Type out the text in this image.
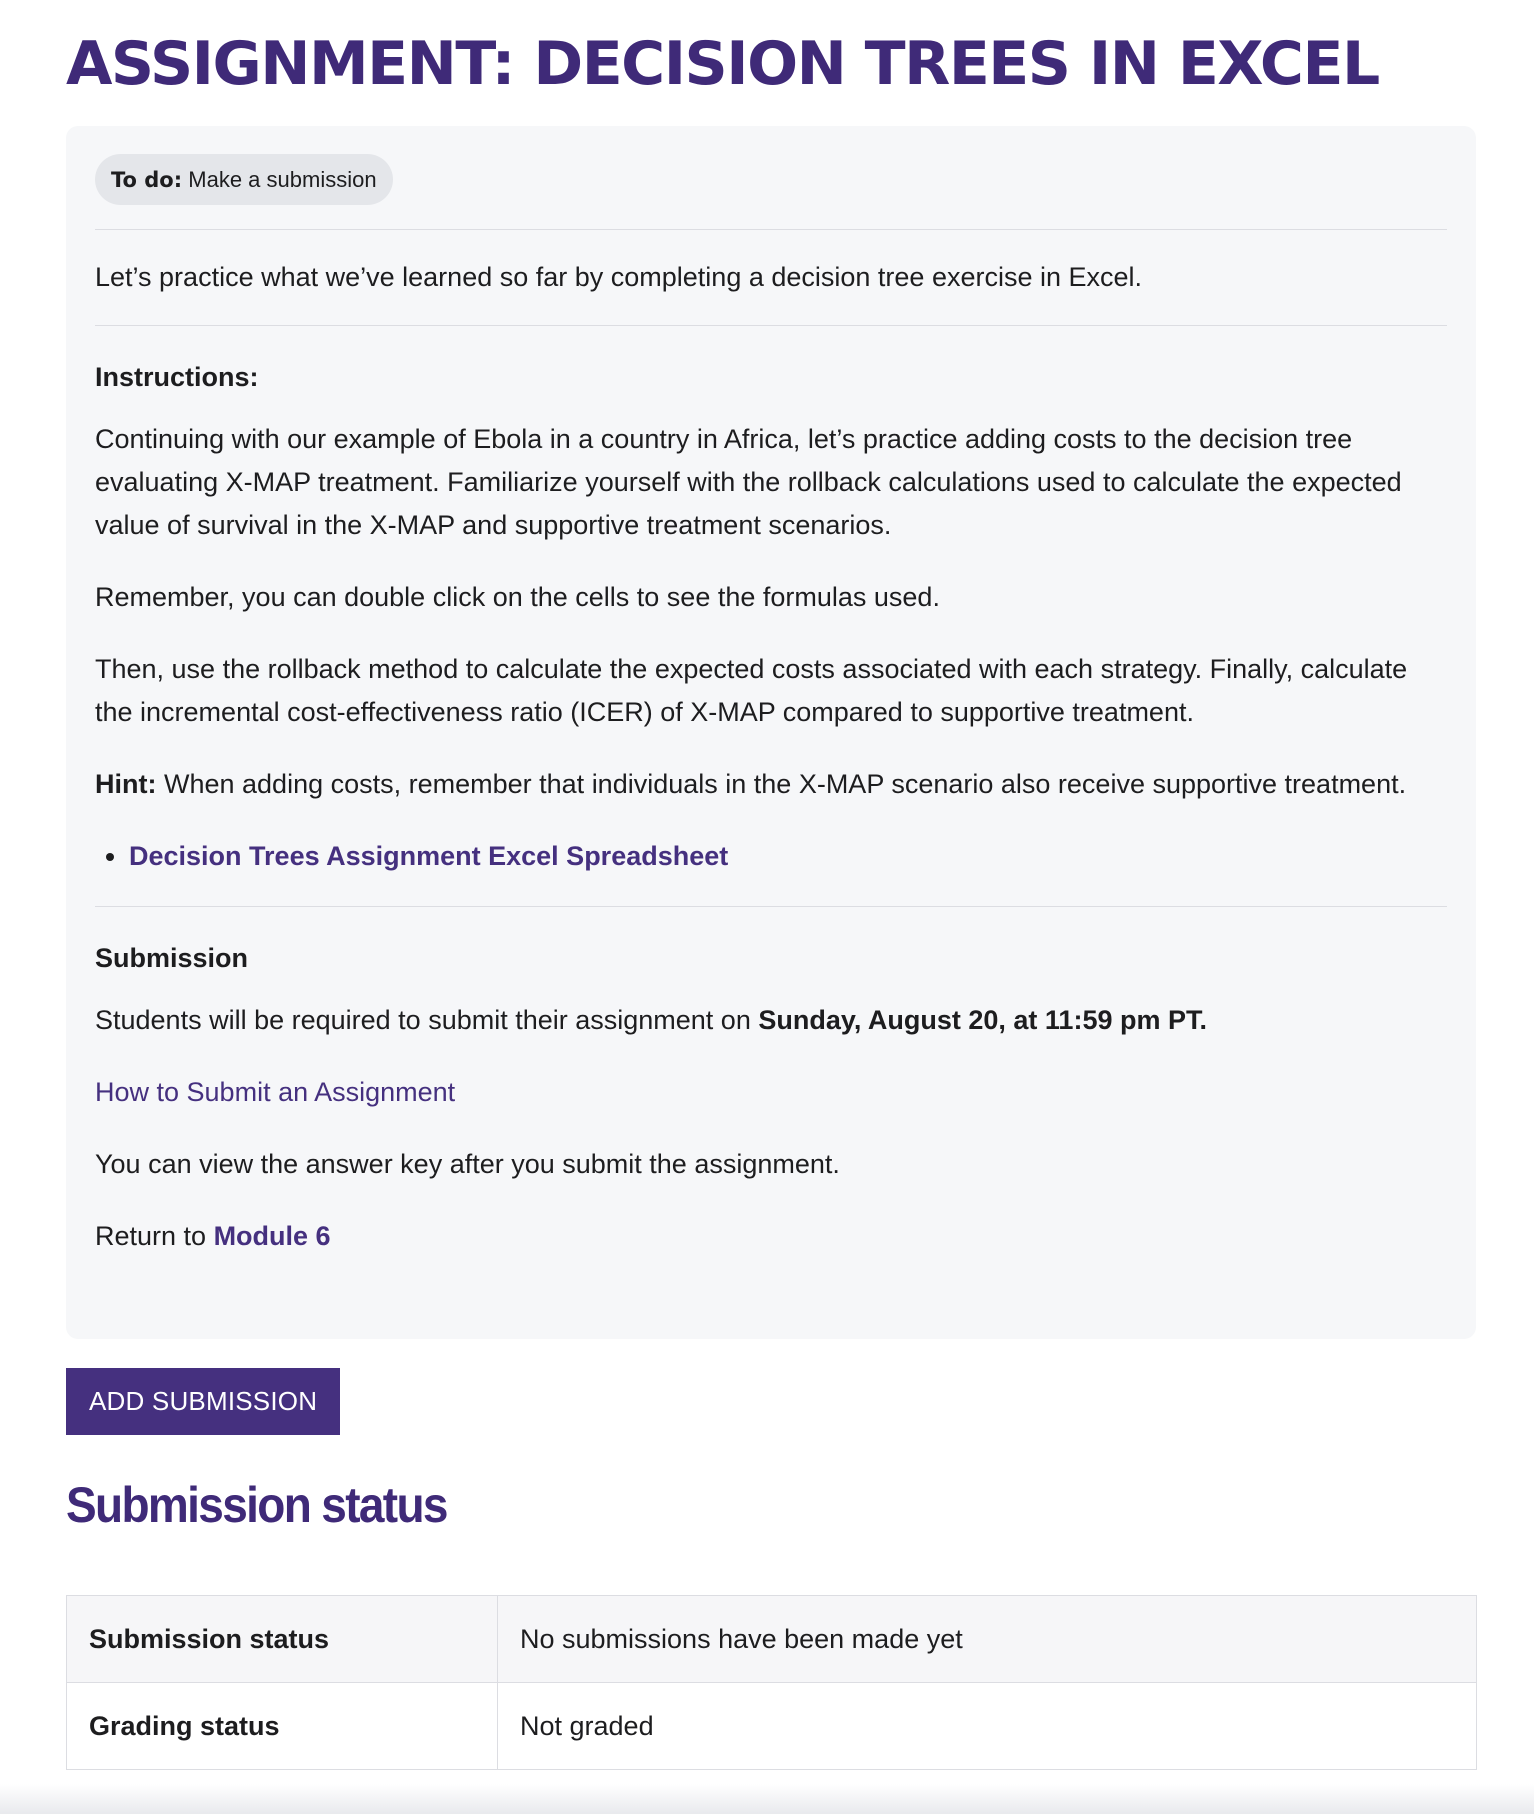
ASSIGNMENT: DECISION TREES IN EXCEL
To do: Make a submission

Let’s practice what we’ve learned so far by completing a decision tree exercise in Excel.

Instructions:

Continuing with our example of Ebola in a country in Africa, let’s practice adding costs to the decision tree evaluating X-MAP treatment. Familiarize yourself with the rollback calculations used to calculate the expected value of survival in the X-MAP and supportive treatment scenarios.

Remember, you can double click on the cells to see the formulas used.

Then, use the rollback method to calculate the expected costs associated with each strategy. Finally, calculate the incremental cost-effectiveness ratio (ICER) of X-MAP compared to supportive treatment.

Hint: When adding costs, remember that individuals in the X-MAP scenario also receive supportive treatment.

• Decision Trees Assignment Excel Spreadsheet

Submission

Students will be required to submit their assignment on Sunday, August 20, at 11:59 pm PT.

How to Submit an Assignment

You can view the answer key after you submit the assignment.

Return to Module 6

ADD SUBMISSION
Submission status
Submission status	No submissions have been made yet
Grading status	Not graded
